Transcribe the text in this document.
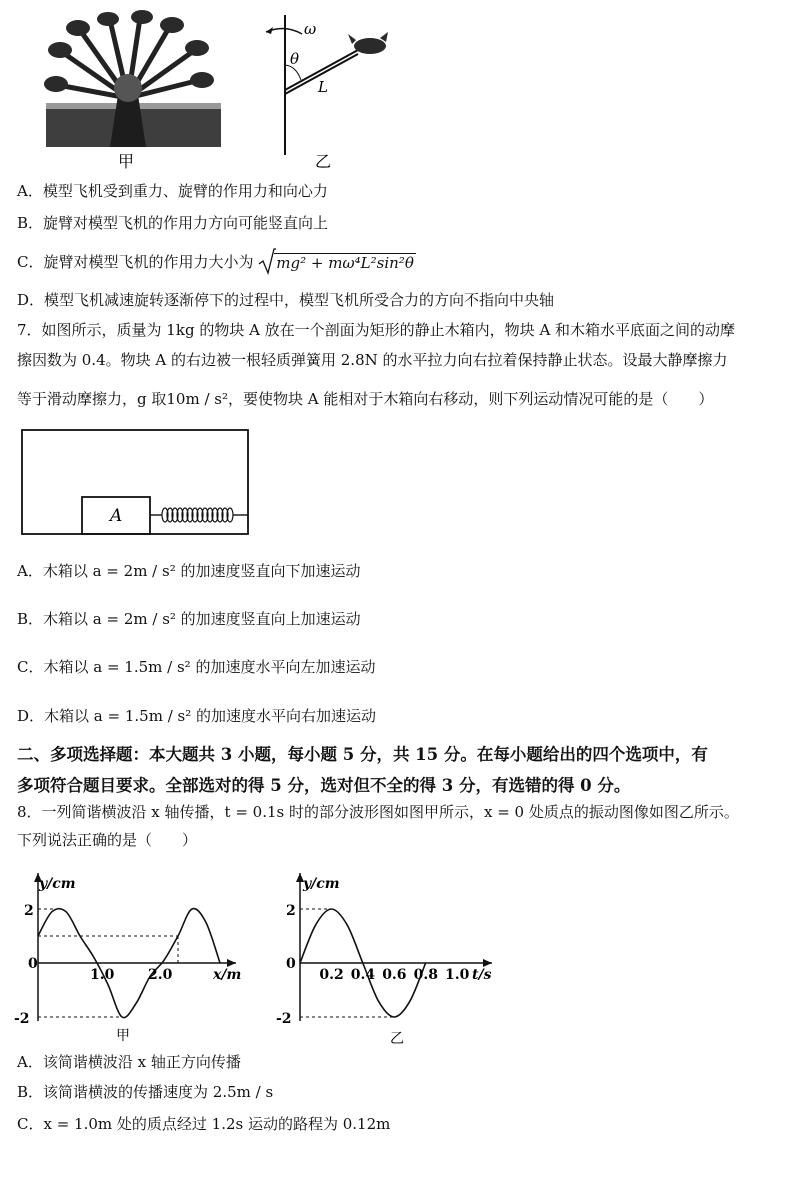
甲
ω
θ
L
乙
A．模型飞机受到重力、旋臂的作用力和向心力
B．旋臂对模型飞机的作用力方向可能竖直向上
C．旋臂对模型飞机的作用力大小为 mg² + mω⁴L²sin²θ
D．模型飞机减速旋转逐渐停下的过程中，模型飞机所受合力的方向不指向中央轴
7．如图所示，质量为 1kg 的物块 A 放在一个剖面为矩形的静止木箱内，物块 A 和木箱水平底面之间的动摩
擦因数为 0.4。物块 A 的右边被一根轻质弹簧用 2.8N 的水平拉力向右拉着保持静止状态。设最大静摩擦力
等于滑动摩擦力，g 取10m / s²，要使物块 A 能相对于木箱向右移动，则下列运动情况可能的是（　　）
A
A．木箱以 a = 2m / s² 的加速度竖直向下加速运动
B．木箱以 a = 2m / s² 的加速度竖直向上加速运动
C．木箱以 a = 1.5m / s² 的加速度水平向左加速运动
D．木箱以 a = 1.5m / s² 的加速度水平向右加速运动
二、多项选择题：本大题共 3 小题，每小题 5 分，共 15 分。在每小题给出的四个选项中，有
多项符合题目要求。全部选对的得 5 分，选对但不全的得 3 分，有选错的得 0 分。
8．一列简谐横波沿 x 轴传播，t = 0.1s 时的部分波形图如图甲所示，x = 0 处质点的振动图像如图乙所示。
下列说法正确的是（　　）
y/cm
x/m
2
0
-2
1.0 2.0
甲
y/cm
t/s
2
0
-2
0.2 0.4 0.6 0.8 1.0
乙
A．该简谐横波沿 x 轴正方向传播
B．该简谐横波的传播速度为 2.5m / s
C．x = 1.0m 处的质点经过 1.2s 运动的路程为 0.12m
